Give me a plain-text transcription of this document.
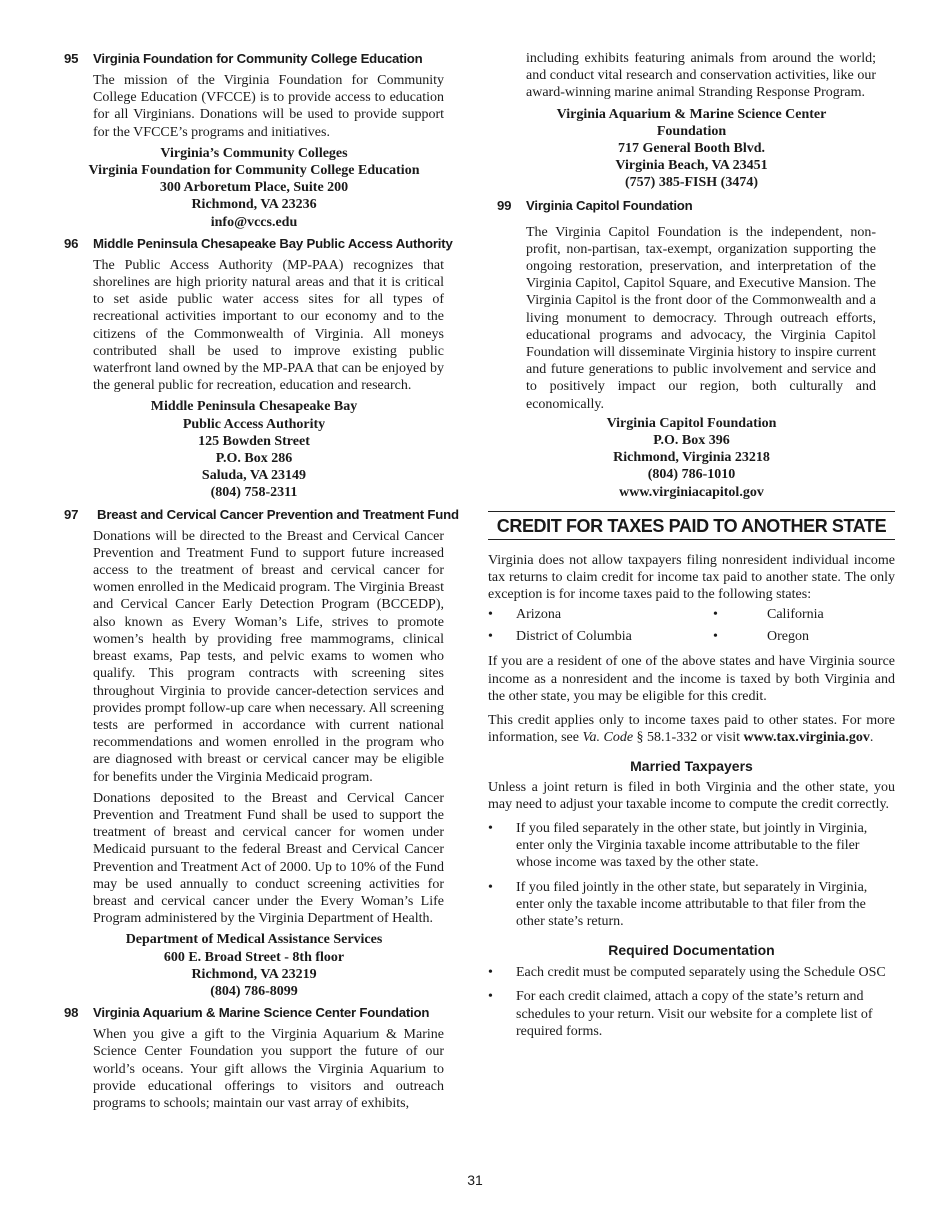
95 Virginia Foundation for Community College Education

The mission of the Virginia Foundation for Community College Education (VFCCE) is to provide access to education for all Virginians. Donations will be used to provide support for the VFCCE’s programs and initiatives.

Virginia’s Community Colleges

Virginia Foundation for Community College Education

300 Arboretum Place, Suite 200

Richmond, VA 23236

info@vccs.edu

96 Middle Peninsula Chesapeake Bay Public Access Authority

The Public Access Authority (MP-PAA) recognizes that shorelines are high priority natural areas and that it is critical to set aside public water access sites for all types of recreational activities important to our economy and to the citizens of the Commonwealth of Virginia. All moneys contributed shall be used to improve existing public waterfront land owned by the MP-PAA that can be enjoyed by the general public for recreation, education and research.

Middle Peninsula Chesapeake Bay

Public Access Authority

125 Bowden Street

P.O. Box 286

Saluda, VA 23149

(804) 758-2311

97 Breast and Cervical Cancer Prevention and Treatment Fund

Donations will be directed to the Breast and Cervical Cancer Prevention and Treatment Fund to support future increased access to the treatment of breast and cervical cancer for women enrolled in the Medicaid program. The Virginia Breast and Cervical Cancer Early Detection Program (BCCEDP), also known as Every Woman’s Life, strives to promote women’s health by providing free mammograms, clinical breast exams, Pap tests, and pelvic exams to women who qualify. This program contracts with screening sites throughout Virginia to provide cancer-detection services and provides prompt follow-up care when necessary. All screening tests are performed in accordance with current national recommendations and women enrolled in the program who are diagnosed with breast or cervical cancer may be eligible for benefits under the Virginia Medicaid program.

Donations deposited to the Breast and Cervical Cancer Prevention and Treatment Fund shall be used to support the treatment of breast and cervical cancer for women under Medicaid pursuant to the federal Breast and Cervical Cancer Prevention and Treatment Act of 2000. Up to 10% of the Fund may be used annually to conduct screening activities for breast and cervical cancer under the Every Woman’s Life Program administered by the Virginia Department of Health.

Department of Medical Assistance Services

600 E. Broad Street - 8th floor

Richmond, VA 23219

(804) 786-8099

98 Virginia Aquarium & Marine Science Center Foundation

When you give a gift to the Virginia Aquarium & Marine Science Center Foundation you support the future of our world’s oceans. Your gift allows the Virginia Aquarium to provide educational offerings to visitors and outreach programs to schools; maintain our vast array of exhibits,

including exhibits featuring animals from around the world; and conduct vital research and conservation activities, like our award-winning marine animal Stranding Response Program.

Virginia Aquarium & Marine Science Center

Foundation

717 General Booth Blvd.

Virginia Beach, VA 23451

(757) 385-FISH (3474)

99 Virginia Capitol Foundation

The Virginia Capitol Foundation is the independent, non-profit, non-partisan, tax-exempt, organization supporting the ongoing restoration, preservation, and interpretation of the Virginia Capitol, Capitol Square, and Executive Mansion. The Virginia Capitol is the front door of the Commonwealth and a living monument to democracy. Through outreach efforts, educational programs and advocacy, the Virginia Capitol Foundation will disseminate Virginia history to inspire current and future generations to public involvement and service and to positively impact our region, both culturally and economically.

Virginia Capitol Foundation

P.O. Box 396

Richmond, Virginia 23218

(804) 786-1010

www.virginiacapitol.gov

CREDIT FOR TAXES PAID TO ANOTHER STATE

Virginia does not allow taxpayers filing nonresident individual income tax returns to claim credit for income tax paid to another state. The only exception is for income taxes paid to the following states:

•	Arizona	•	California
•	District of Columbia	•	Oregon

If you are a resident of one of the above states and have Virginia source income as a nonresident and the income is taxed by both Virginia and the other state, you may be eligible for this credit.

This credit applies only to income taxes paid to other states. For more information, see Va. Code § 58.1-332 or visit www.tax.virginia.gov.

Married Taxpayers

Unless a joint return is filed in both Virginia and the other state, you may need to adjust your taxable income to compute the credit correctly.

•	If you filed separately in the other state, but jointly in Virginia, enter only the Virginia taxable income attributable to the filer whose income was taxed by the other state.
•	If you filed jointly in the other state, but separately in Virginia, enter only the taxable income attributable to that filer from the other state’s return.

Required Documentation

•	Each credit must be computed separately using the Schedule OSC
•	For each credit claimed, attach a copy of the state’s return and schedules to your return. Visit our website for a complete list of required forms.
31
